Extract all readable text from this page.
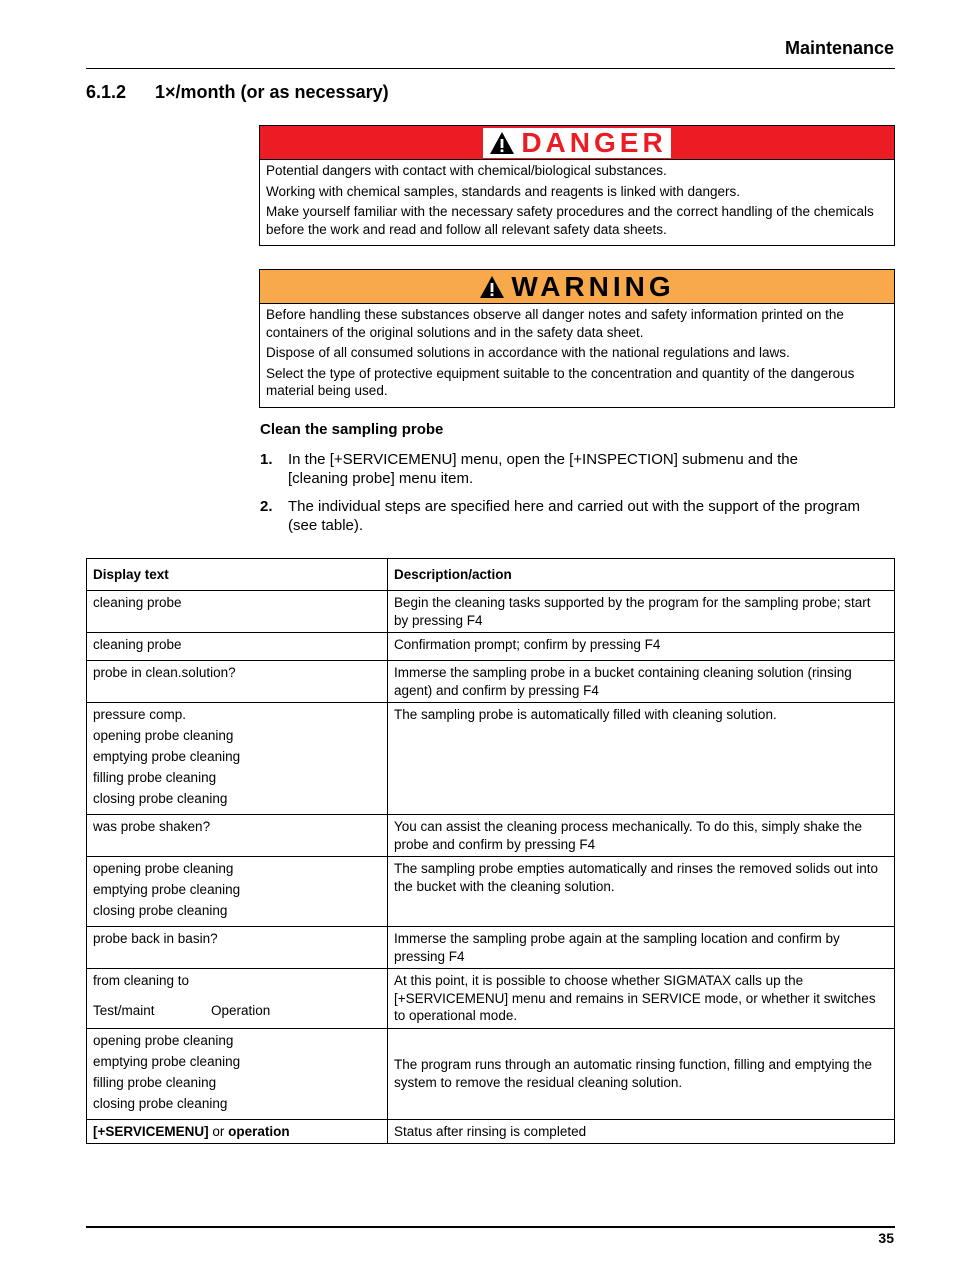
Maintenance
6.1.2 1×/month (or as necessary)
DANGER

Potential dangers with contact with chemical/biological substances.

Working with chemical samples, standards and reagents is linked with dangers.

Make yourself familiar with the necessary safety procedures and the correct handling of the chemicals before the work and read and follow all relevant safety data sheets.

WARNING

Before handling these substances observe all danger notes and safety information printed on the containers of the original solutions and in the safety data sheet.

Dispose of all consumed solutions in accordance with the national regulations and laws.

Select the type of protective equipment suitable to the concentration and quantity of the dangerous material being used.

Clean the sampling probe
1.	In the [+SERVICEMENU] menu, open the [+INSPECTION] submenu and the [cleaning probe] menu item.
2.	The individual steps are specified here and carried out with the support of the program (see table).
Display text	Description/action

cleaning probe	Begin the cleaning tasks supported by the program for the sampling probe; start by pressing F4

cleaning probe	Confirmation prompt; confirm by pressing F4

probe in clean.solution?	Immerse the sampling probe in a bucket containing cleaning solution (rinsing agent) and confirm by pressing F4

pressure comp.
opening probe cleaning
emptying probe cleaning
filling probe cleaning
closing probe cleaning	The sampling probe is automatically filled with cleaning solution.

was probe shaken?	You can assist the cleaning process mechanically. To do this, simply shake the probe and confirm by pressing F4

opening probe cleaning
emptying probe cleaning
closing probe cleaning	The sampling probe empties automatically and rinses the removed solids out into the bucket with the cleaning solution.

probe back in basin?	Immerse the sampling probe again at the sampling location and confirm by pressing F4

from cleaning to
Test/maint Operation	At this point, it is possible to choose whether SIGMATAX calls up the [+SERVICEMENU] menu and remains in SERVICE mode, or whether it switches to operational mode.

opening probe cleaning
emptying probe cleaning
filling probe cleaning
closing probe cleaning	The program runs through an automatic rinsing function, filling and emptying the system to remove the residual cleaning solution.
[+SERVICEMENU] or operation	Status after rinsing is completed
35
